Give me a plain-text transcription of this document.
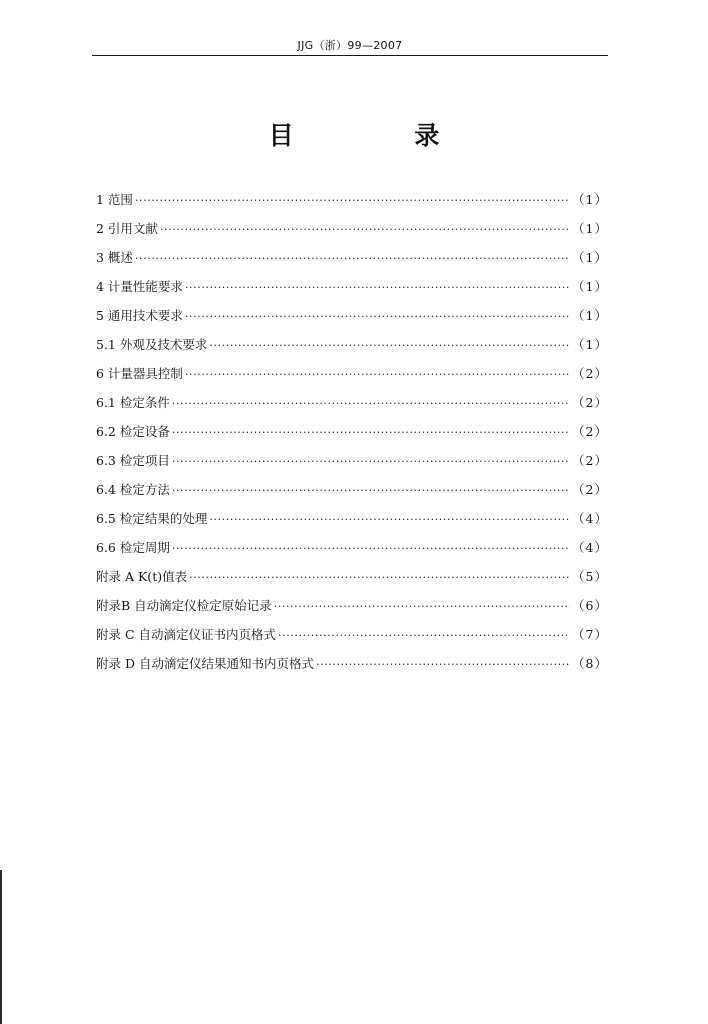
JJG（浙）99—2007
目 录
1 范围 ·····	（1）
2 引用文献 ·····	（1）
3 概述 ·····	（1）
4 计量性能要求 ·····	（1）
5 通用技术要求 ·····	（1）
5.1 外观及技术要求 ·····	（1）
6 计量器具控制 ·····	（2）
6.1 检定条件 ·····	（2）
6.2 检定设备 ·····	（2）
6.3 检定项目 ·····	（2）
6.4 检定方法 ·····	（2）
6.5 检定结果的处理 ·····	（4）
6.6 检定周期 ·····	（4）
附录 A K(t)值表 ·····	（5）
附录B 自动滴定仪检定原始记录 ·····	（6）
附录 C 自动滴定仪证书内页格式 ·····	（7）
附录 D 自动滴定仪结果通知书内页格式 ·····	（8）
